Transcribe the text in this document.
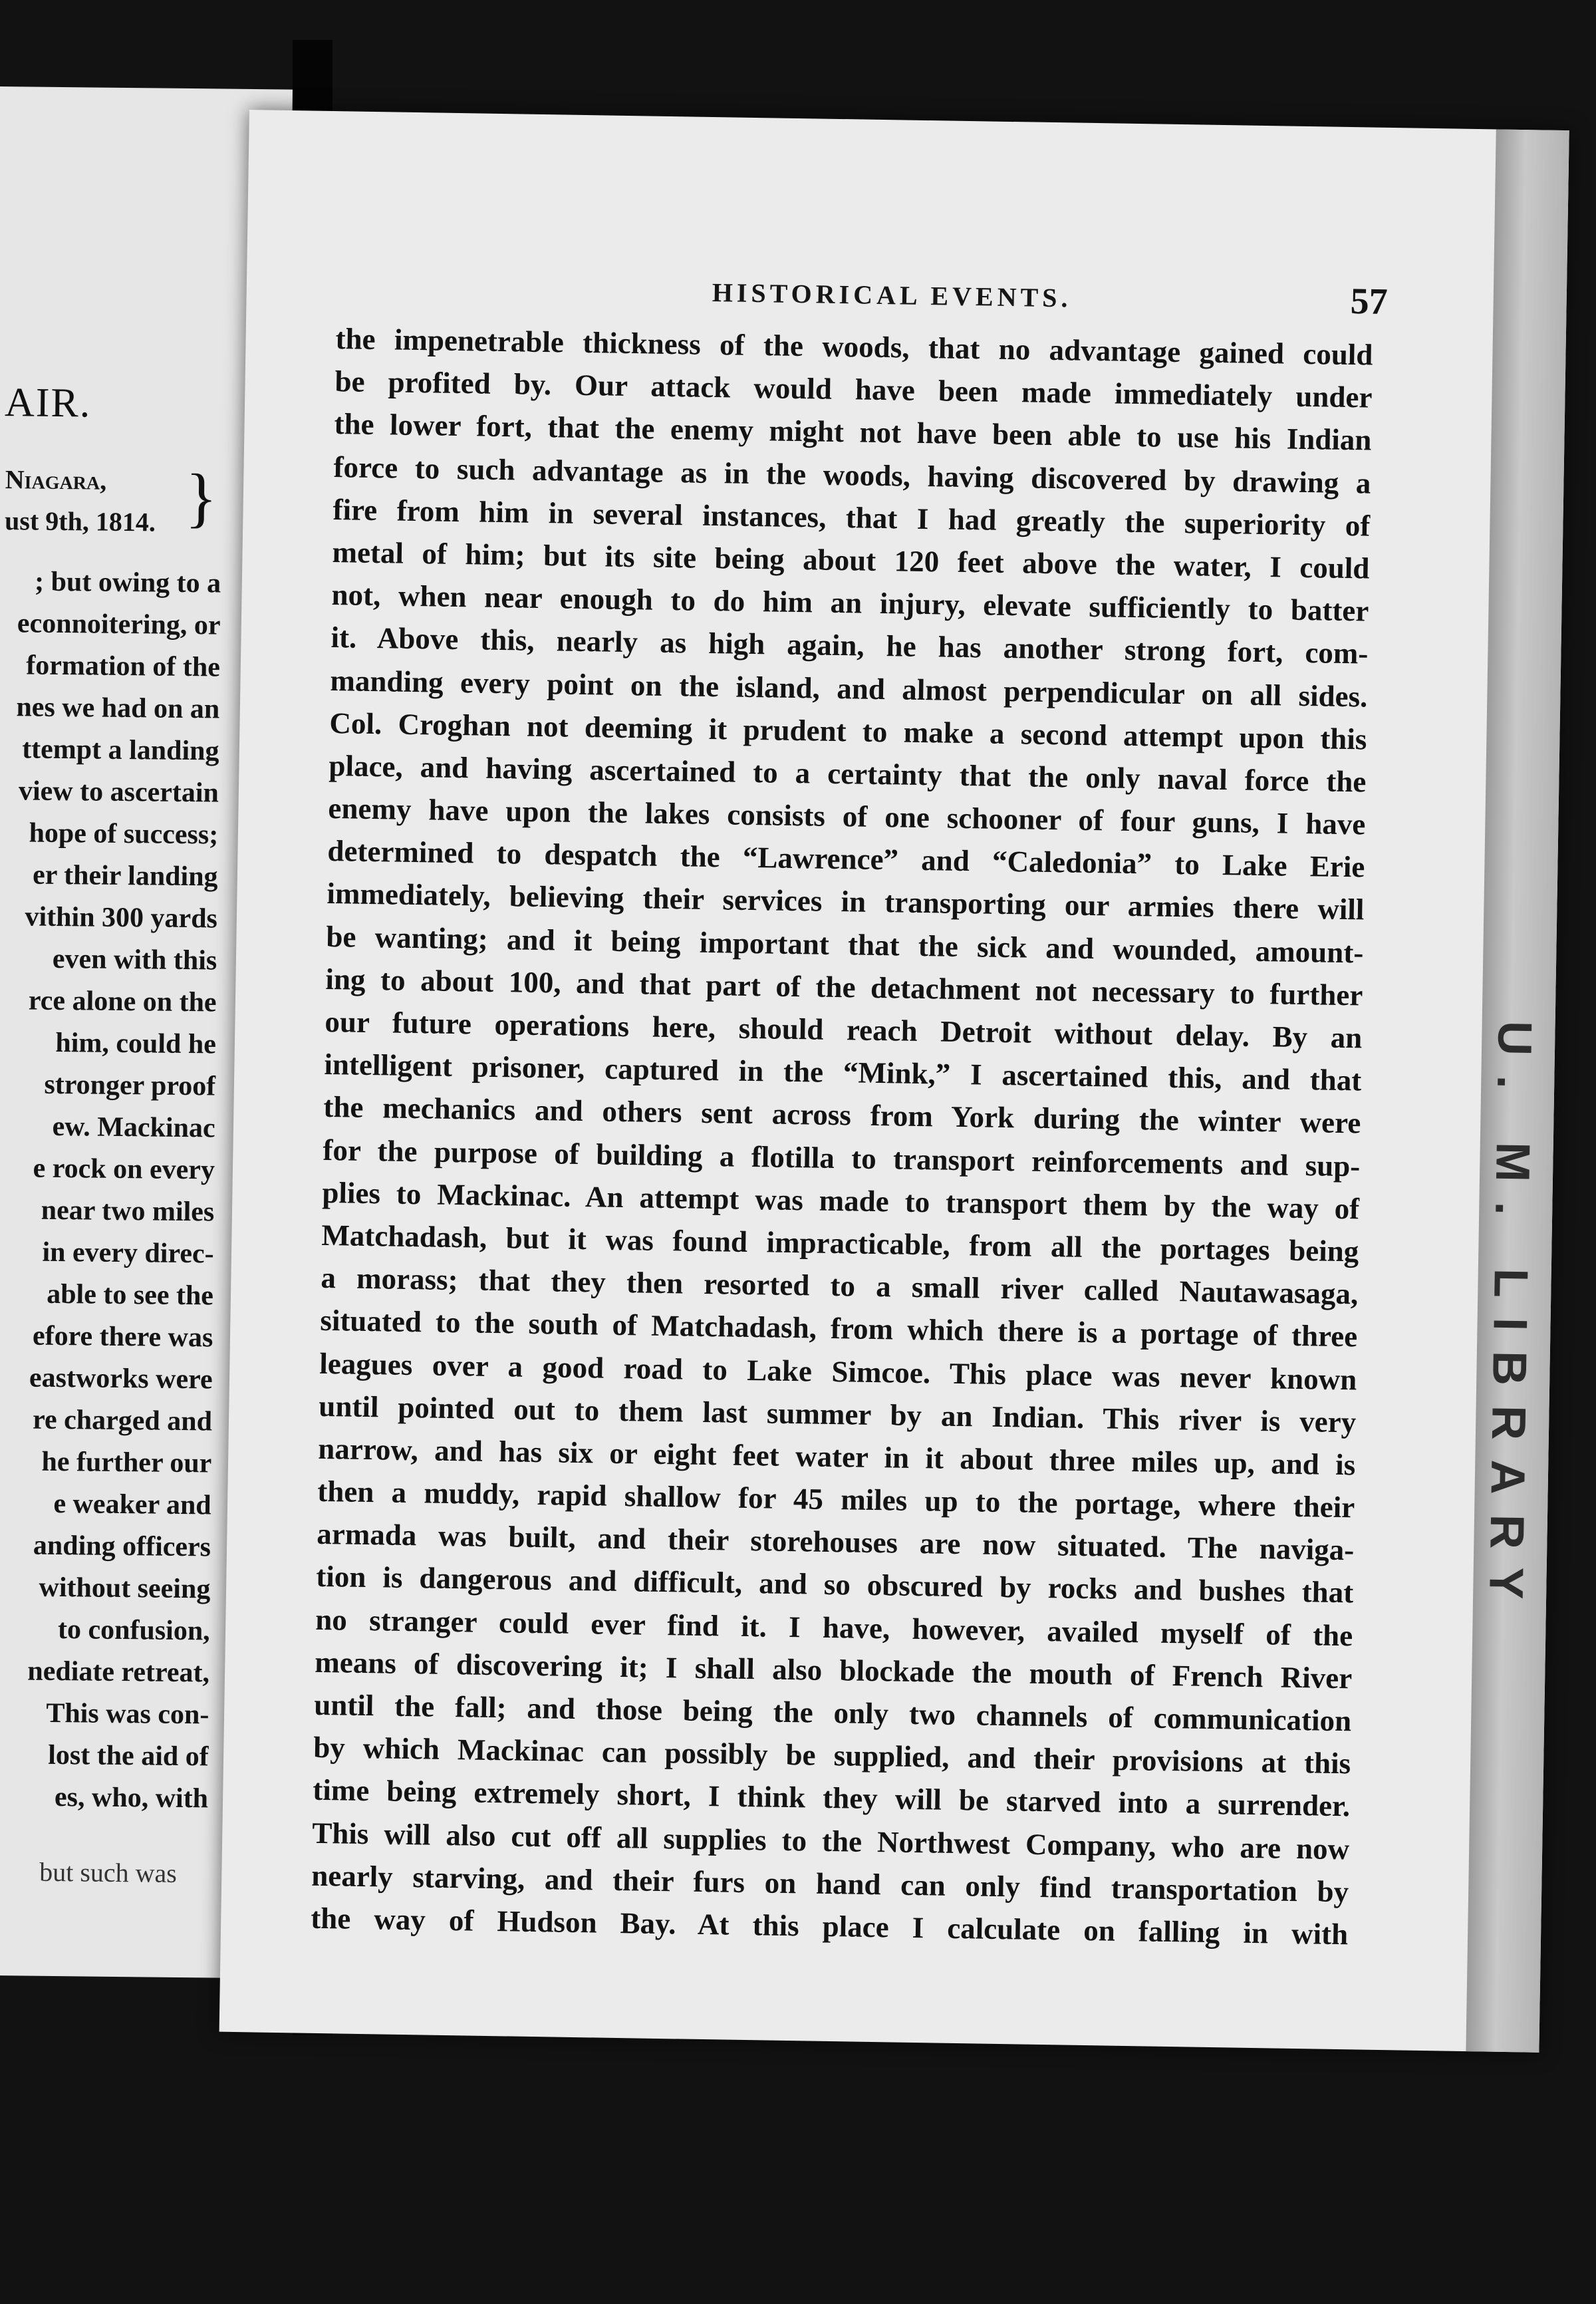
AIR.
Niagara,
ust 9th, 1814. }
; but owing to a
econnoitering, or
formation of the
nes we had on an
ttempt a landing
view to ascertain
hope of success;
er their landing
vithin 300 yards
even with this
rce alone on the
him, could he
stronger proof
ew. Mackinac
e rock on every
near two miles
in every direc-
able to see the
efore there was
eastworks were
re charged and
he further our
e weaker and
anding officers
without seeing
to confusion,
nediate retreat,
This was con-
lost the aid of
es, who, with
but such was
HISTORICAL EVENTS.	57
the impenetrable thickness of the woods, that no advantage gained could
be profited by. Our attack would have been made immediately under
the lower fort, that the enemy might not have been able to use his Indian
force to such advantage as in the woods, having discovered by drawing a
fire from him in several instances, that I had greatly the superiority of
metal of him; but its site being about 120 feet above the water, I could
not, when near enough to do him an injury, elevate sufficiently to batter
it. Above this, nearly as high again, he has another strong fort, com-
manding every point on the island, and almost perpendicular on all sides.
Col. Croghan not deeming it prudent to make a second attempt upon this
place, and having ascertained to a certainty that the only naval force the
enemy have upon the lakes consists of one schooner of four guns, I have
determined to despatch the “Lawrence” and “Caledonia” to Lake Erie
immediately, believing their services in transporting our armies there will
be wanting; and it being important that the sick and wounded, amount-
ing to about 100, and that part of the detachment not necessary to further
our future operations here, should reach Detroit without delay. By an
intelligent prisoner, captured in the “Mink,” I ascertained this, and that
the mechanics and others sent across from York during the winter were
for the purpose of building a flotilla to transport reinforcements and sup-
plies to Mackinac. An attempt was made to transport them by the way of
Matchadash, but it was found impracticable, from all the portages being
a morass; that they then resorted to a small river called Nautawasaga,
situated to the south of Matchadash, from which there is a portage of three
leagues over a good road to Lake Simcoe. This place was never known
until pointed out to them last summer by an Indian. This river is very
narrow, and has six or eight feet water in it about three miles up, and is
then a muddy, rapid shallow for 45 miles up to the portage, where their
armada was built, and their storehouses are now situated. The naviga-
tion is dangerous and difficult, and so obscured by rocks and bushes that
no stranger could ever find it. I have, however, availed myself of the
means of discovering it; I shall also blockade the mouth of French River
until the fall; and those being the only two channels of communication
by which Mackinac can possibly be supplied, and their provisions at this
time being extremely short, I think they will be starved into a surrender.
This will also cut off all supplies to the Northwest Company, who are now
nearly starving, and their furs on hand can only find transportation by
the way of Hudson Bay. At this place I calculate on falling in with
U. M. LIBRARY
